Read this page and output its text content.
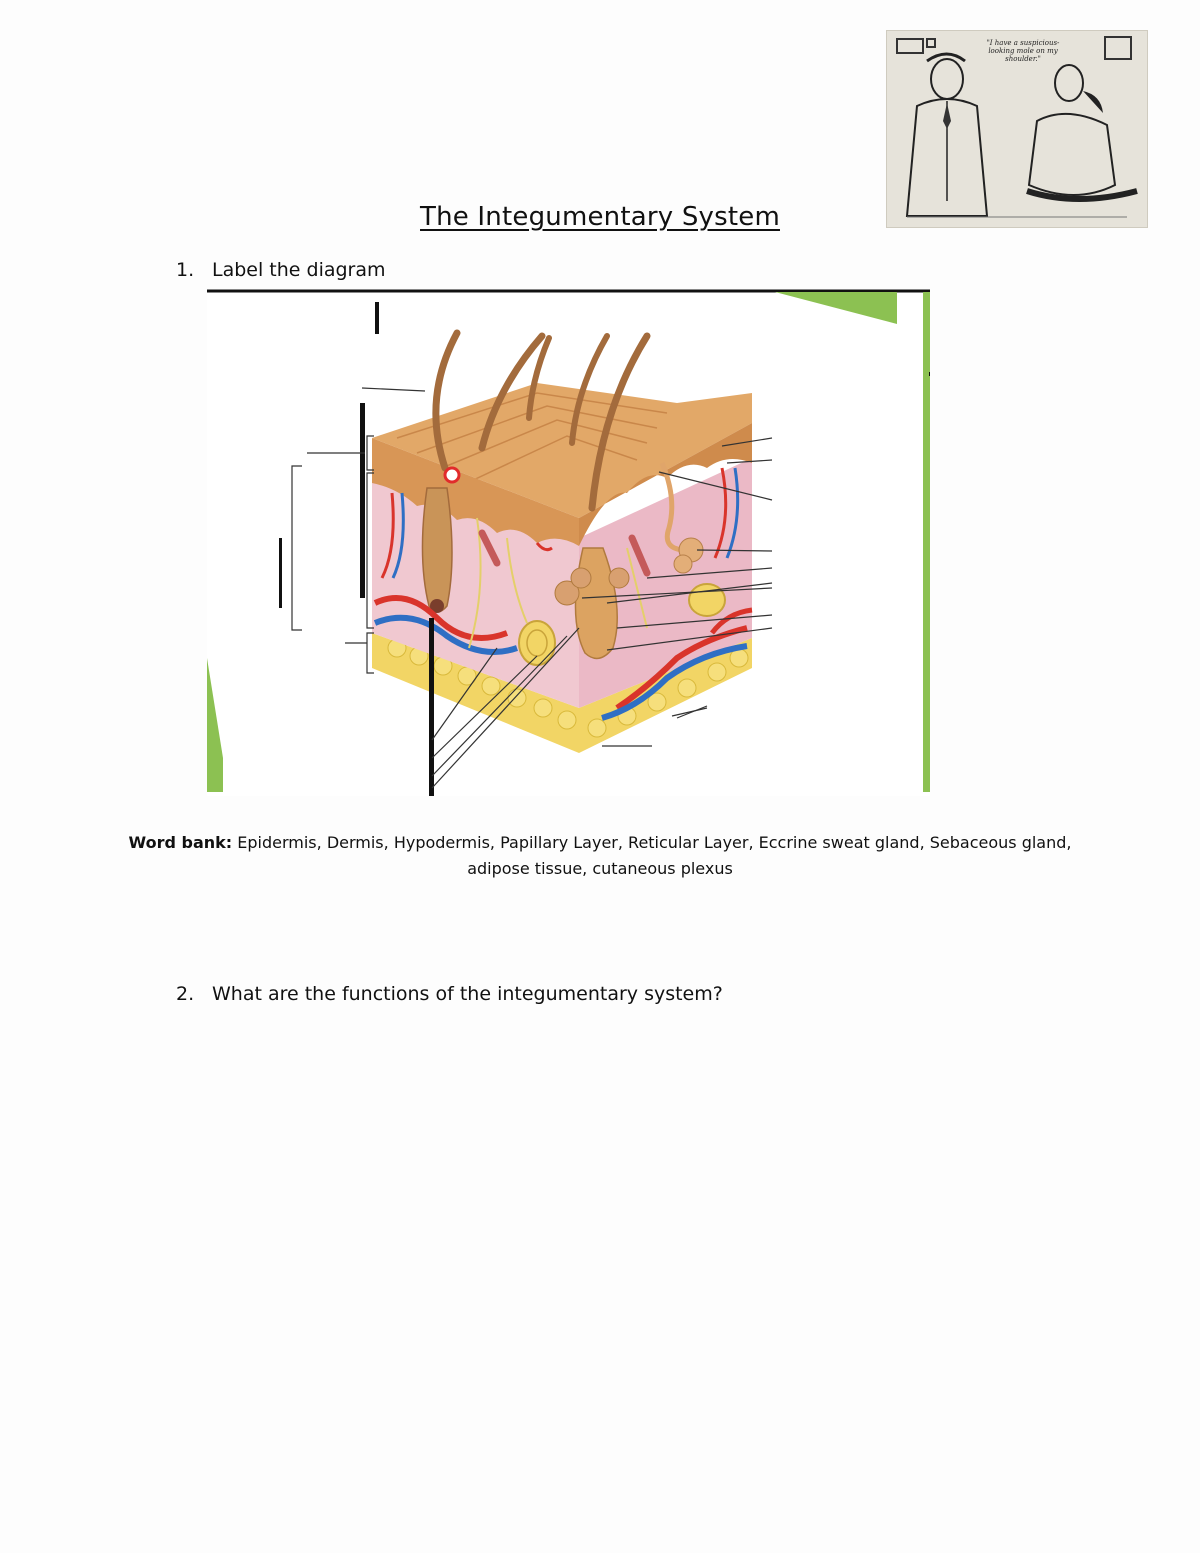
"I have a suspicious-looking mole on my shoulder."
The Integumentary System
1. Label the diagram
Word bank: Epidermis, Dermis, Hypodermis, Papillary Layer, Reticular Layer, Eccrine sweat gland, Sebaceous gland, adipose tissue, cutaneous plexus
2. What are the functions of the integumentary system?
